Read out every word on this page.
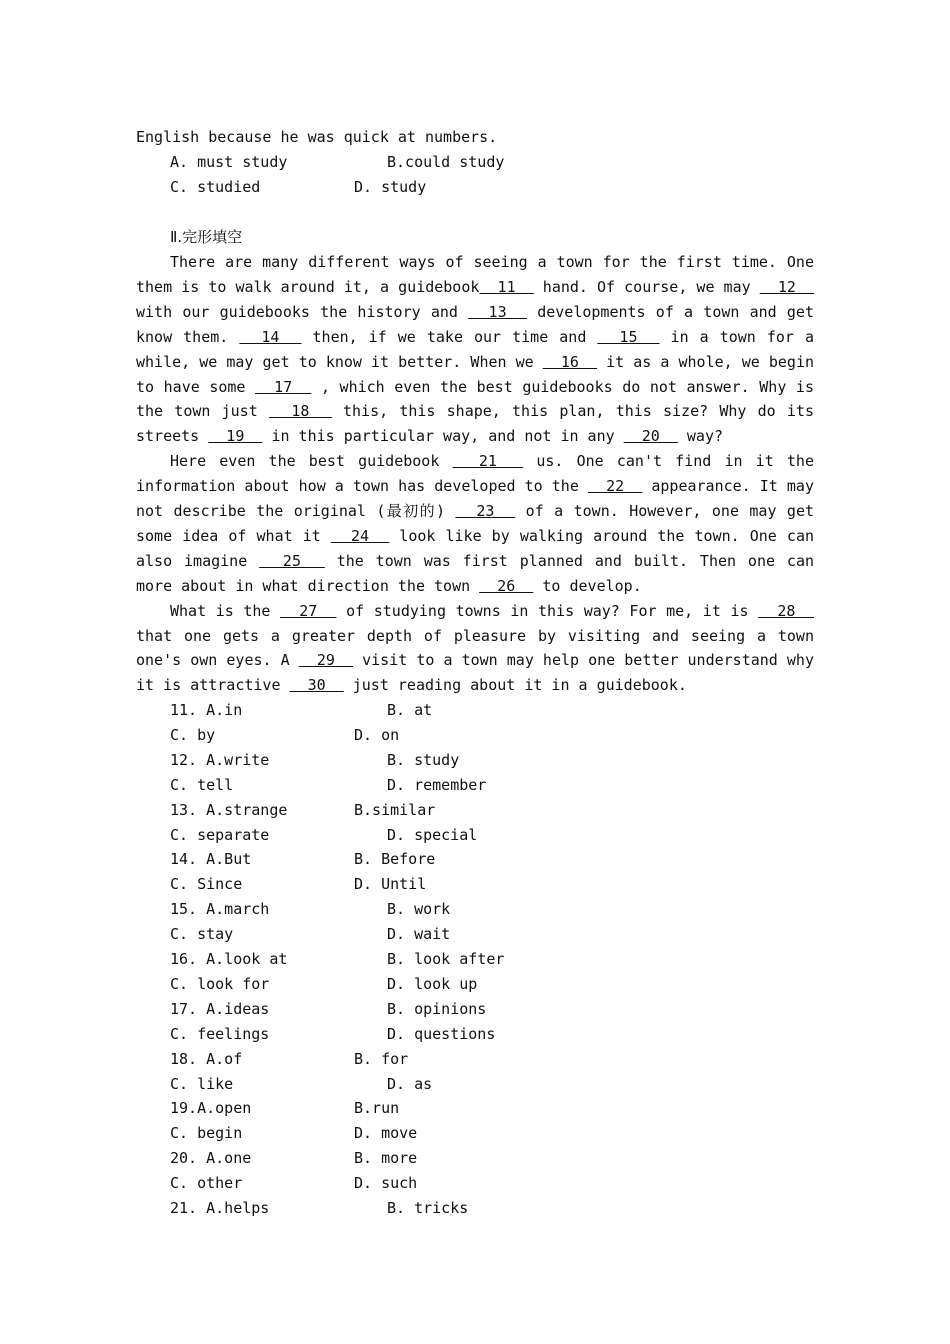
English because he was quick at numbers.
A. must study	B.could study
C. studied	D. study
Ⅱ.完形填空
There are many different ways of seeing a town for the first time. One
them is to walk around it, a guidebook  11   hand. Of course, we may   12
with our guidebooks the history and   13   developments of a town and get
know them.   14   then, if we take our time and   15   in a town for a
while, we may get to know it better. When we   16   it as a whole, we begin
to have some   17   , which even the best guidebooks do not answer. Why is
the town just   18   this, this shape, this plan, this size? Why do its
streets   19   in this particular way, and not in any   20   way?
Here even the best guidebook   21   us. One can't find in it the
information about how a town has developed to the   22   appearance. It may
not describe the original (最初的)   23   of a town. However, one may get
some idea of what it   24   look like by walking around the town. One can
also imagine   25   the town was first planned and built. Then one can
more about in what direction the town   26   to develop.
What is the   27   of studying towns in this way? For me, it is   28
that one gets a greater depth of pleasure by visiting and seeing a town
one's own eyes. A   29   visit to a town may help one better understand why
it is attractive   30   just reading about it in a guidebook.
11. A.in	B. at
C. by	D. on
12. A.write	B. study
C. tell	D. remember
13. A.strange	B.similar
C. separate	D. special
14. A.But	B. Before
C. Since	D. Until
15. A.march	B. work
C. stay	D. wait
16. A.look at	B. look after
C. look for	D. look up
17. A.ideas	B. opinions
C. feelings	D. questions
18. A.of	B. for
C. like	D. as
19.A.open	B.run
C. begin	D. move
20. A.one	B. more
C. other	D. such
21. A.helps	B. tricks
